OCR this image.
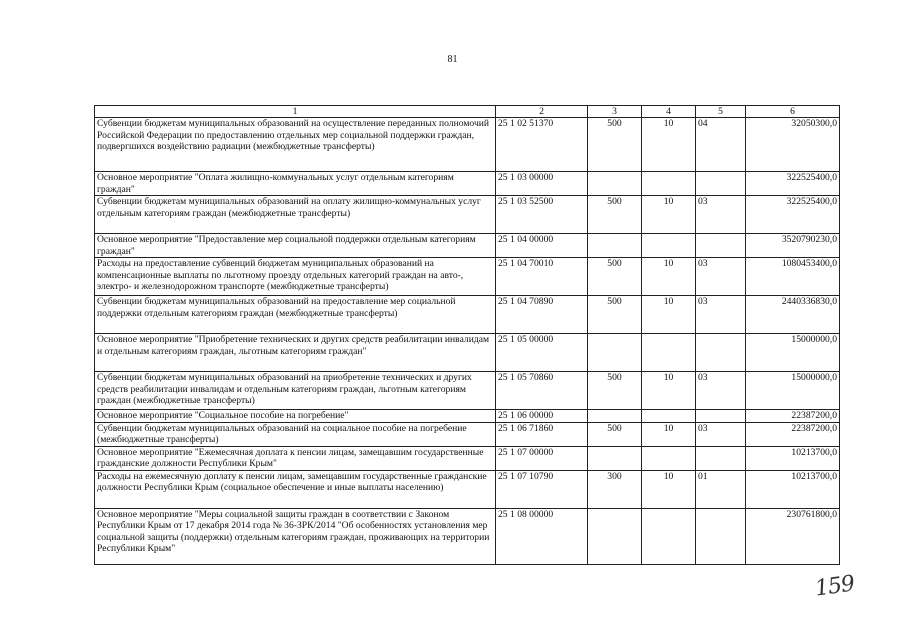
81
1	2	3	4	5	6
Субвенции бюджетам муниципальных образований на осуществление переданных полномочий Российской Федерации по предоставлению отдельных мер социальной поддержки граждан, подвергшихся воздействию радиации (межбюджетные трансферты)	25 1 02 51370	500	10	04	32050300,0
Основное мероприятие "Оплата жилищно-коммунальных услуг отдельным категориям граждан"	25 1 03 00000				322525400,0
Субвенции бюджетам муниципальных образований на оплату жилищно-коммунальных услуг отдельным категориям граждан (межбюджетные трансферты)	25 1 03 52500	500	10	03	322525400,0
Основное мероприятие "Предоставление мер социальной поддержки отдельным категориям граждан"	25 1 04 00000				3520790230,0
Расходы на предоставление субвенций бюджетам муниципальных образований на компенсационные выплаты по льготному проезду отдельных категорий граждан на авто-, электро- и железнодорожном транспорте (межбюджетные трансферты)	25 1 04 70010	500	10	03	1080453400,0
Субвенции бюджетам муниципальных образований на предоставление мер социальной поддержки отдельным категориям граждан (межбюджетные трансферты)	25 1 04 70890	500	10	03	2440336830,0
Основное мероприятие "Приобретение технических и других средств реабилитации инвалидам и отдельным категориям граждан, льготным категориям граждан"	25 1 05 00000				15000000,0
Субвенции бюджетам муниципальных образований на приобретение технических и других средств реабилитации инвалидам и отдельным категориям граждан, льготным категориям граждан (межбюджетные трансферты)	25 1 05 70860	500	10	03	15000000,0
Основное мероприятие "Социальное пособие на погребение"	25 1 06 00000				22387200,0
Субвенции бюджетам муниципальных образований на социальное пособие на погребение (межбюджетные трансферты)	25 1 06 71860	500	10	03	22387200,0
Основное мероприятие "Ежемесячная доплата к пенсии лицам, замещавшим государственные гражданские должности Республики Крым"	25 1 07 00000				10213700,0
Расходы на ежемесячную доплату к пенсии лицам, замещавшим государственные гражданские должности Республики Крым (социальное обеспечение и иные выплаты населению)	25 1 07 10790	300	10	01	10213700,0
Основное мероприятие "Меры социальной защиты граждан в соответствии с Законом Республики Крым от 17 декабря 2014 года № 36-ЗРК/2014 "Об особенностях установления мер социальной защиты (поддержки) отдельным категориям граждан, проживающих на территории Республики Крым"	25 1 08 00000				230761800,0
159
